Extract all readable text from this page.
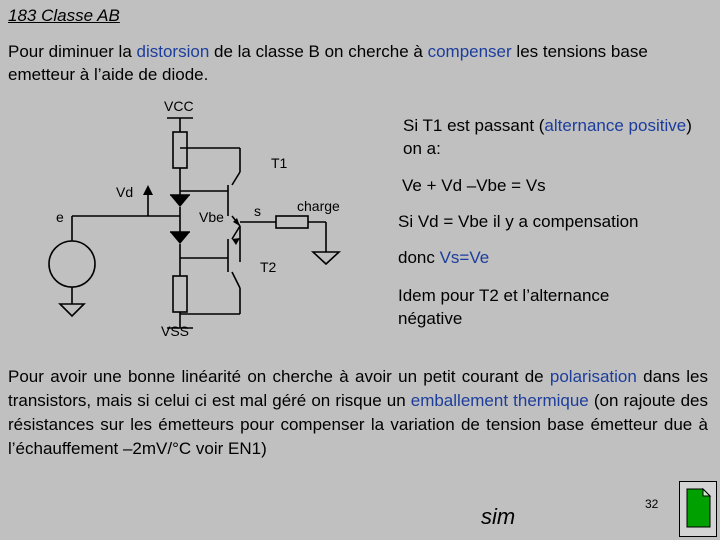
183 Classe AB
Pour diminuer la distorsion de la classe B on cherche à compenser les tensions base emetteur à l’aide de diode.
VCC
T1
Vd
e	Vbe s	charge
T2
VSS
Si T1 est passant (alternance positive) on a:
Ve + Vd –Vbe = Vs
Si Vd = Vbe il y a compensation
donc Vs=Ve
Idem pour T2 et l’alternance négative
Pour avoir une bonne linéarité on cherche à avoir un petit courant de polarisation dans les transistors, mais si celui ci est mal géré on risque un emballement thermique (on rajoute des résistances sur les émetteurs pour compenser la variation de tension base émetteur due à l’échauffement –2mV/°C voir EN1)
sim	32
